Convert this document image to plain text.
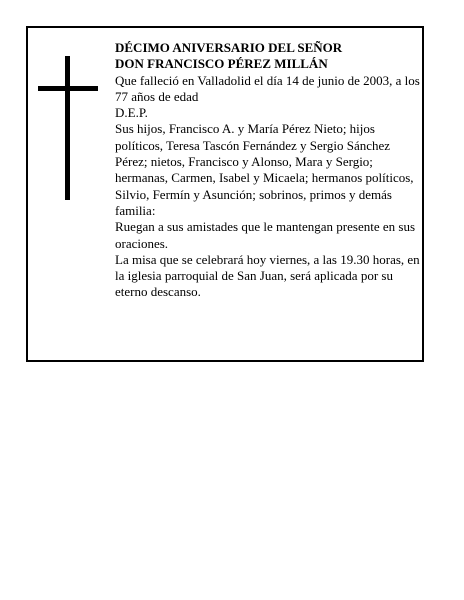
DÉCIMO ANIVERSARIO DEL SEÑOR

DON FRANCISCO PÉREZ MILLÁN

Que falleció en Valladolid el día 14 de junio de 2003, a los 77 años de edad

D.E.P.

Sus hijos, Francisco A. y María Pérez Nieto; hijos políticos, Teresa Tascón Fernández y Sergio Sánchez Pérez; nietos, Francisco y Alonso, Mara y Sergio; hermanas, Carmen, Isabel y Micaela; hermanos políticos, Silvio, Fermín y Asunción; sobrinos, primos y demás familia:

Ruegan a sus amistades que le mantengan presente en sus oraciones.

La misa que se celebrará hoy viernes, a las 19.30 horas, en la iglesia parroquial de San Juan, será aplicada por su eterno descanso.
